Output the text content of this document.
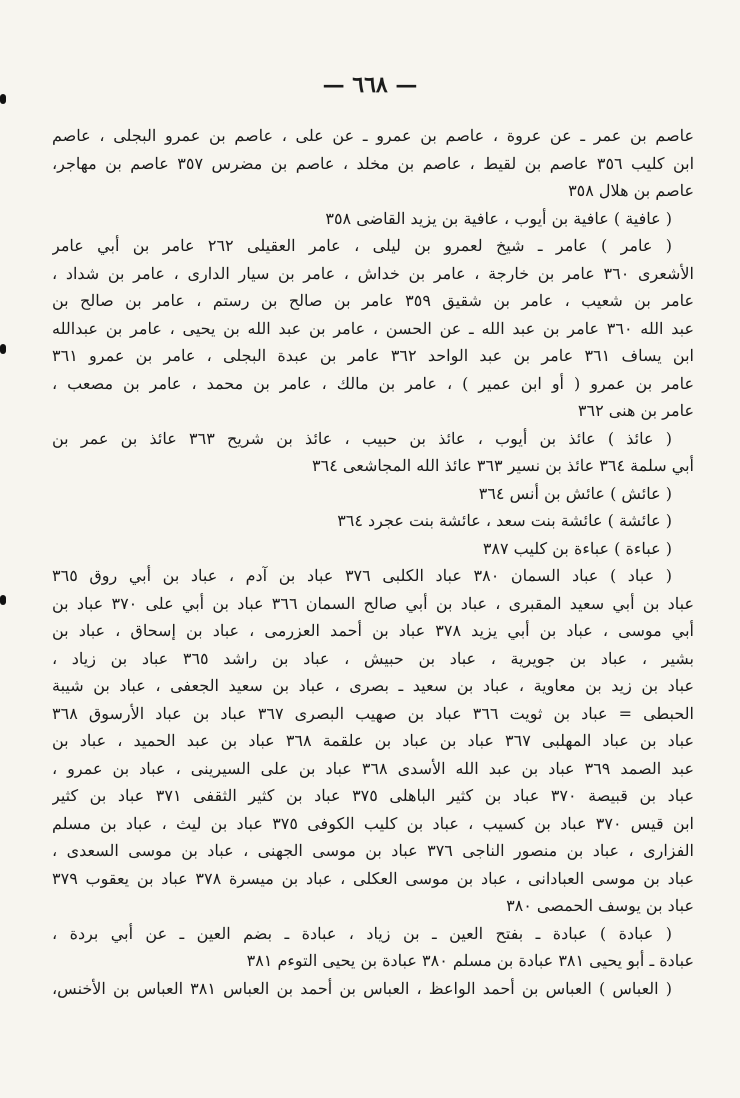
— ٦٦٨ —
عاصم بن عمر ـ عن عروة ، عاصم بن عمرو ـ عن على ، عاصم بن عمرو البجلى ، عاصم
ابن كليب ٣٥٦ عاصم بن لقيط ، عاصم بن مخلد ، عاصم بن مضرس ٣٥٧ عاصم بن مهاجر،
عاصم بن هلال ٣٥٨
( عافية ) عافية بن أيوب ، عافية بن يزيد القاضى ٣٥٨
( عامر ) عامر ـ شيخ لعمرو بن ليلى ، عامر العقيلى ٢٦٢ عامر بن أبي عامر
الأشعرى ٣٦٠ عامر بن خارجة ، عامر بن خداش ، عامر بن سيار الدارى ، عامر بن شداد ،
عامر بن شعيب ، عامر بن شقيق ٣٥٩ عامر بن صالح بن رستم ، عامر بن صالح بن
عبد الله ٣٦٠ عامر بن عبد الله ـ عن الحسن ، عامر بن عبد الله بن يحيى ، عامر بن عبدالله
ابن يساف ٣٦١ عامر بن عبد الواحد ٣٦٢ عامر بن عبدة البجلى ، عامر بن عمرو ٣٦١
عامر بن عمرو ( أو ابن عمير ) ، عامر بن مالك ، عامر بن محمد ، عامر بن مصعب ،
عامر بن هنى ٣٦٢
( عائذ ) عائذ بن أيوب ، عائذ بن حبيب ، عائذ بن شريح ٣٦٣ عائذ بن عمر بن
أبي سلمة ٣٦٤ عائذ بن نسير ٣٦٣ عائذ الله المجاشعى ٣٦٤
( عائش ) عائش بن أنس ٣٦٤
( عائشة ) عائشة بنت سعد ، عائشة بنت عجرد ٣٦٤
( عباءة ) عباءة بن كليب ٣٨٧
( عباد ) عباد السمان ٣٨٠ عباد الكلبى ٣٧٦ عباد بن آدم ، عباد بن أبي روق ٣٦٥
عباد بن أبي سعيد المقبرى ، عباد بن أبي صالح السمان ٣٦٦ عباد بن أبي على ٣٧٠ عباد بن
أبي موسى ، عباد بن أبي يزيد ٣٧٨ عباد بن أحمد العزرمى ، عباد بن إسحاق ، عباد بن
بشير ، عباد بن جويرية ، عباد بن حبيش ، عباد بن راشد ٣٦٥ عباد بن زياد ،
عباد بن زيد بن معاوية ، عباد بن سعيد ـ بصرى ، عباد بن سعيد الجعفى ، عباد بن شيبة
الحبطى = عباد بن ثويت ٣٦٦ عباد بن صهيب البصرى ٣٦٧ عباد بن عباد الأرسوق ٣٦٨
عباد بن عباد المهلبى ٣٦٧ عباد بن عباد بن علقمة ٣٦٨ عباد بن عبد الحميد ، عباد بن
عبد الصمد ٣٦٩ عباد بن عبد الله الأسدى ٣٦٨ عباد بن على السيرينى ، عباد بن عمرو ،
عباد بن قبيصة ٣٧٠ عباد بن كثير الباهلى ٣٧٥ عباد بن كثير الثقفى ٣٧١ عباد بن كثير
ابن قيس ٣٧٠ عباد بن كسيب ، عباد بن كليب الكوفى ٣٧٥ عباد بن ليث ، عباد بن مسلم
الفزارى ، عباد بن منصور الناجى ٣٧٦ عباد بن موسى الجهنى ، عباد بن موسى السعدى ،
عباد بن موسى العبادانى ، عباد بن موسى العكلى ، عباد بن ميسرة ٣٧٨ عباد بن يعقوب ٣٧٩
عباد بن يوسف الحمصى ٣٨٠
( عبادة ) عبادة ـ بفتح العين ـ بن زياد ، عبادة ـ بضم العين ـ عن أبي بردة ،
عبادة ـ أبو يحيى ٣٨١ عبادة بن مسلم ٣٨٠ عبادة بن يحيى التوءم ٣٨١
( العباس ) العباس بن أحمد الواعظ ، العباس بن أحمد بن العباس ٣٨١ العباس بن الأخنس،
